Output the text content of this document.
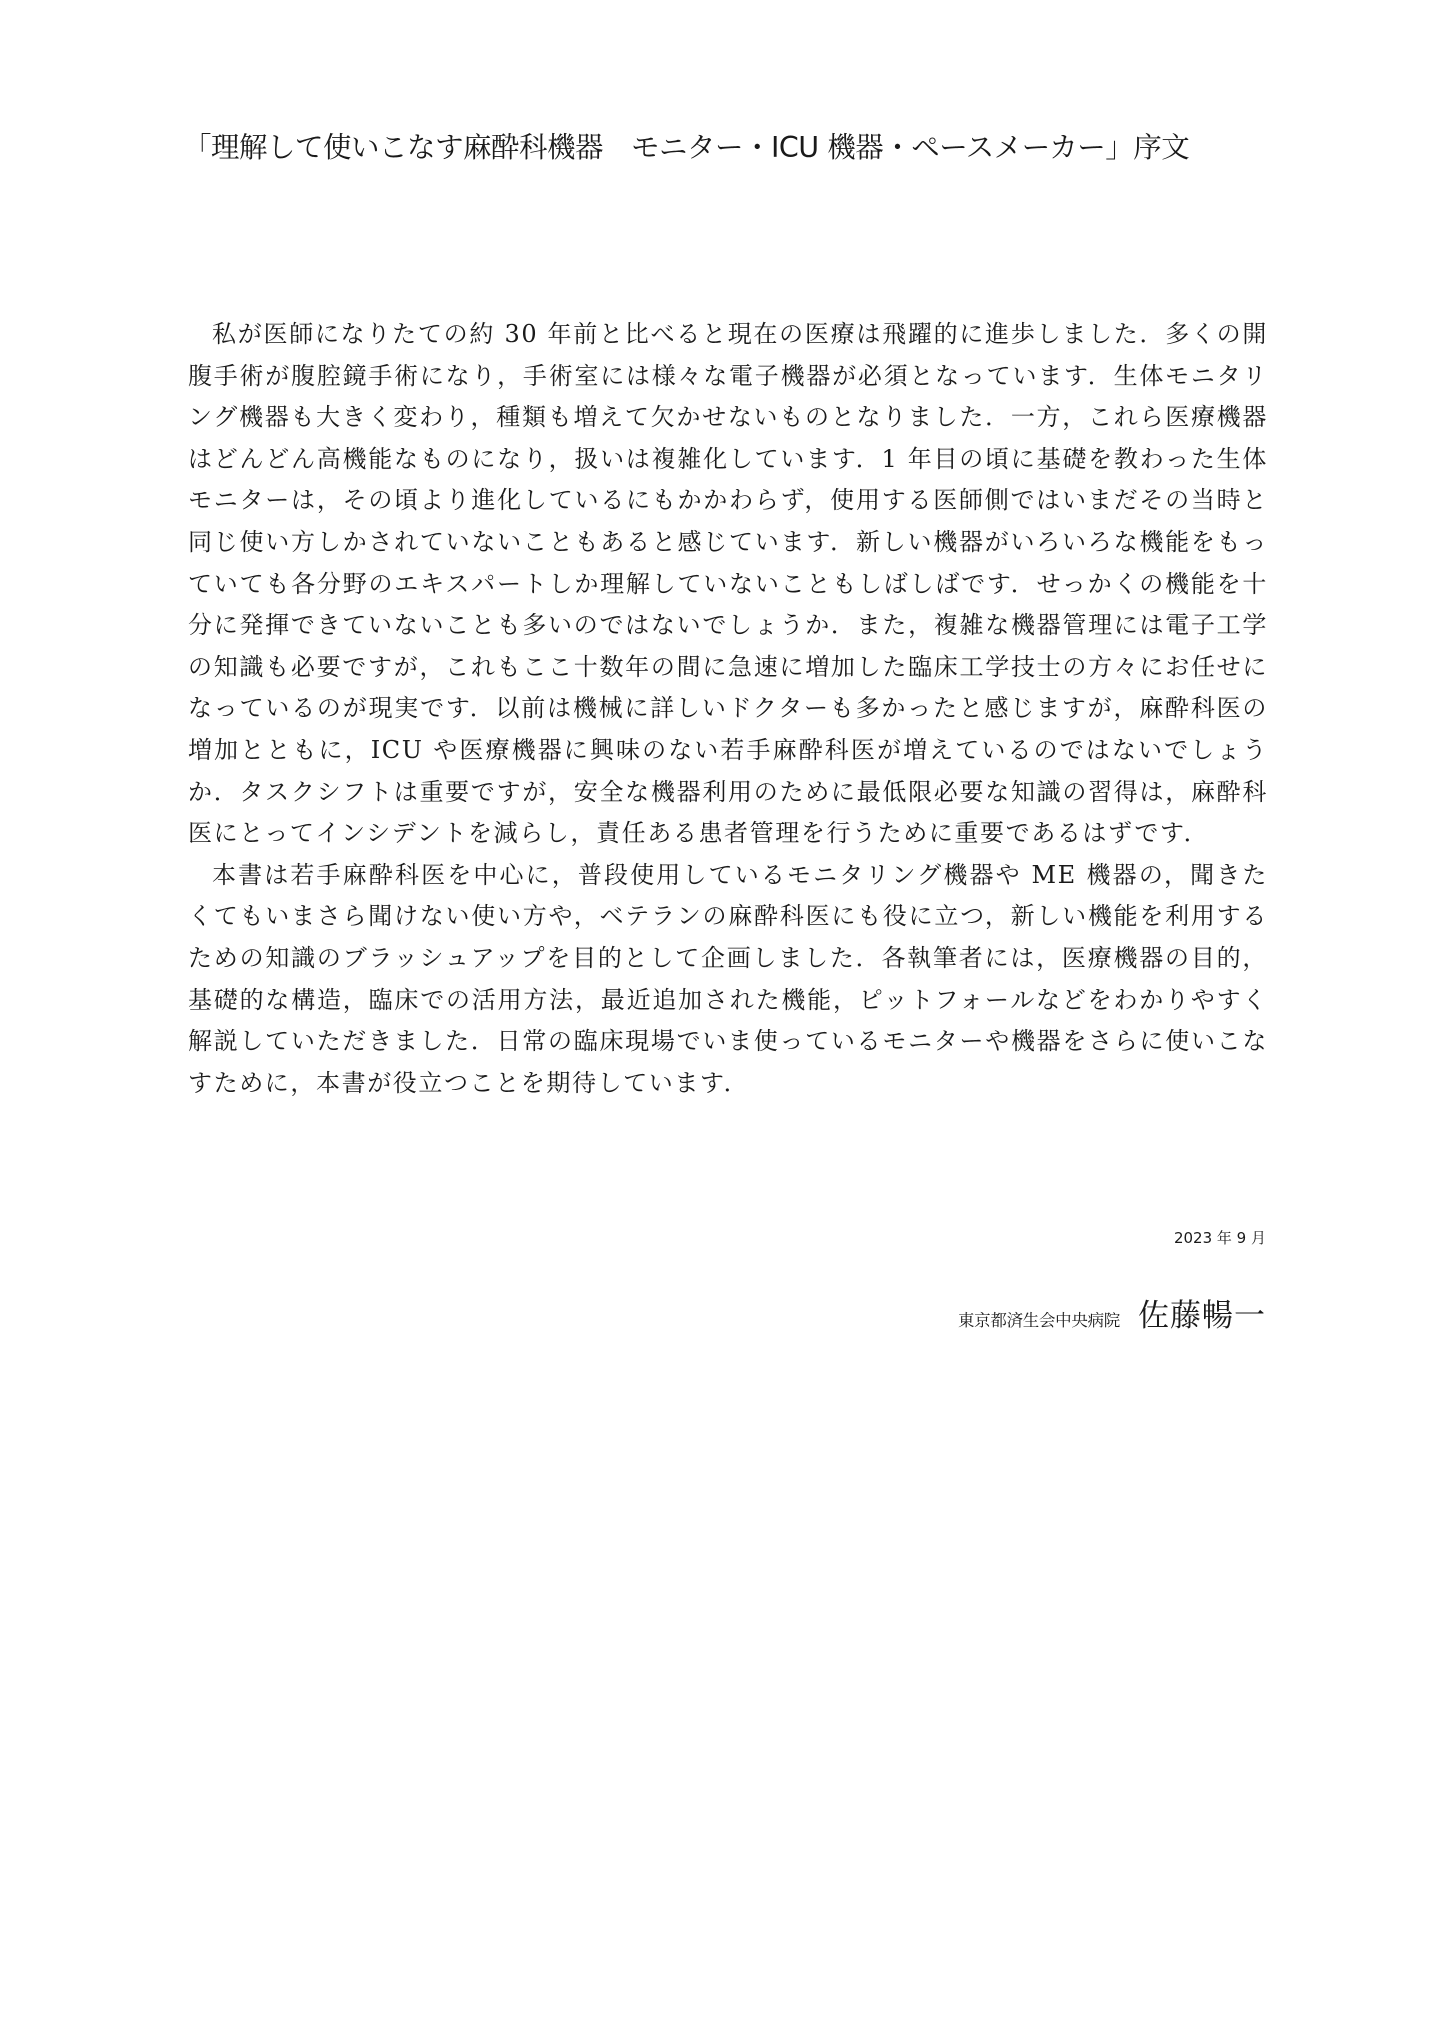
「理解して使いこなす麻酔科機器　モニター・ICU 機器・ペースメーカー」序文

私が医師になりたての約 30 年前と比べると現在の医療は飛躍的に進歩しました．多くの開腹手術が腹腔鏡手術になり，手術室には様々な電子機器が必須となっています．生体モニタリング機器も大きく変わり，種類も増えて欠かせないものとなりました．一方，これら医療機器はどんどん高機能なものになり，扱いは複雑化しています．1 年目の頃に基礎を教わった生体モニターは，その頃より進化しているにもかかわらず，使用する医師側ではいまだその当時と同じ使い方しかされていないこともあると感じています．新しい機器がいろいろな機能をもっていても各分野のエキスパートしか理解していないこともしばしばです．せっかくの機能を十分に発揮できていないことも多いのではないでしょうか．また，複雑な機器管理には電子工学の知識も必要ですが，これもここ十数年の間に急速に増加した臨床工学技士の方々にお任せになっているのが現実です．以前は機械に詳しいドクターも多かったと感じますが，麻酔科医の増加とともに，ICU や医療機器に興味のない若手麻酔科医が増えているのではないでしょうか．タスクシフトは重要ですが，安全な機器利用のために最低限必要な知識の習得は，麻酔科医にとってインシデントを減らし，責任ある患者管理を行うために重要であるはずです．

本書は若手麻酔科医を中心に，普段使用しているモニタリング機器や ME 機器の，聞きたくてもいまさら聞けない使い方や，ベテランの麻酔科医にも役に立つ，新しい機能を利用するための知識のブラッシュアップを目的として企画しました．各執筆者には，医療機器の目的，基礎的な構造，臨床での活用方法，最近追加された機能，ピットフォールなどをわかりやすく解説していただきました．日常の臨床現場でいま使っているモニターや機器をさらに使いこなすために，本書が役立つことを期待しています．

2023 年 9 月
東京都済生会中央病院 佐藤暢一
